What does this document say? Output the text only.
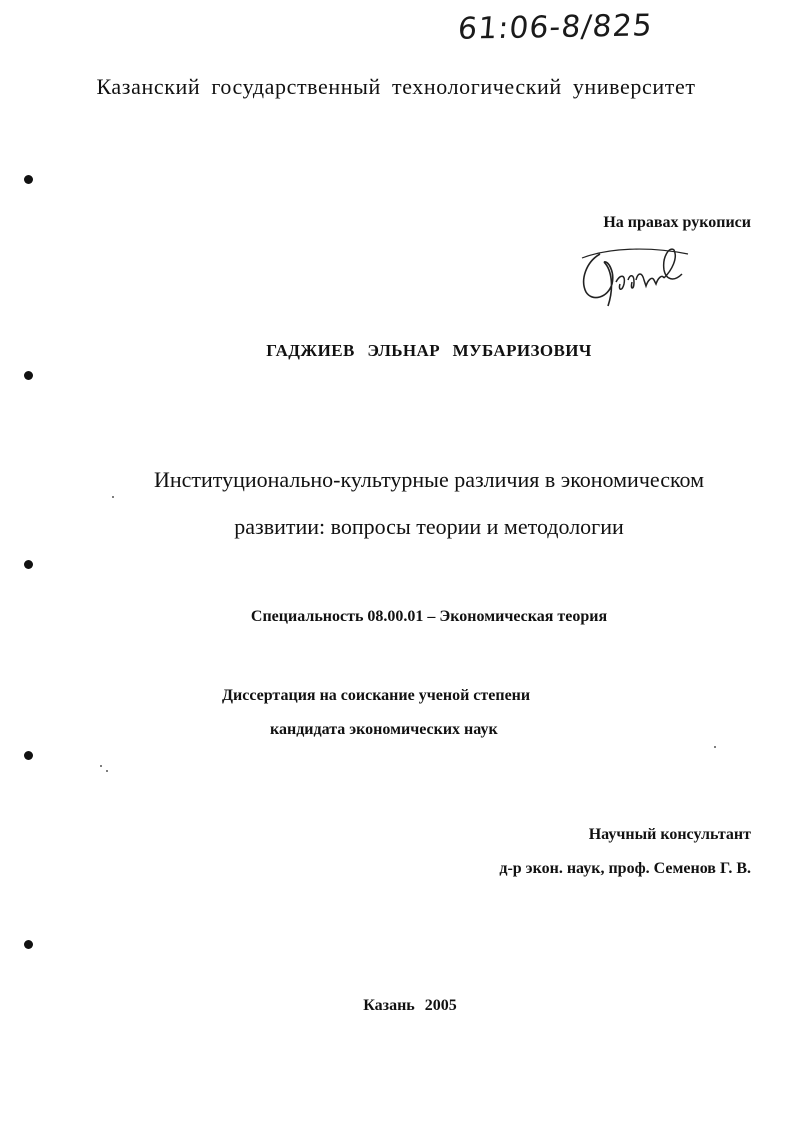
61:06-8/825
Казанский государственный технологический университет
На правах рукописи
ГАДЖИЕВ ЭЛЬНАР МУБАРИЗОВИЧ
Институционально-культурные различия в экономическом
развитии: вопросы теории и методологии
Специальность 08.00.01 – Экономическая теория
Диссертация на соискание ученой степени
кандидата экономических наук
Научный консультант
д-р экон. наук, проф. Семенов Г. В.
Казань 2005
